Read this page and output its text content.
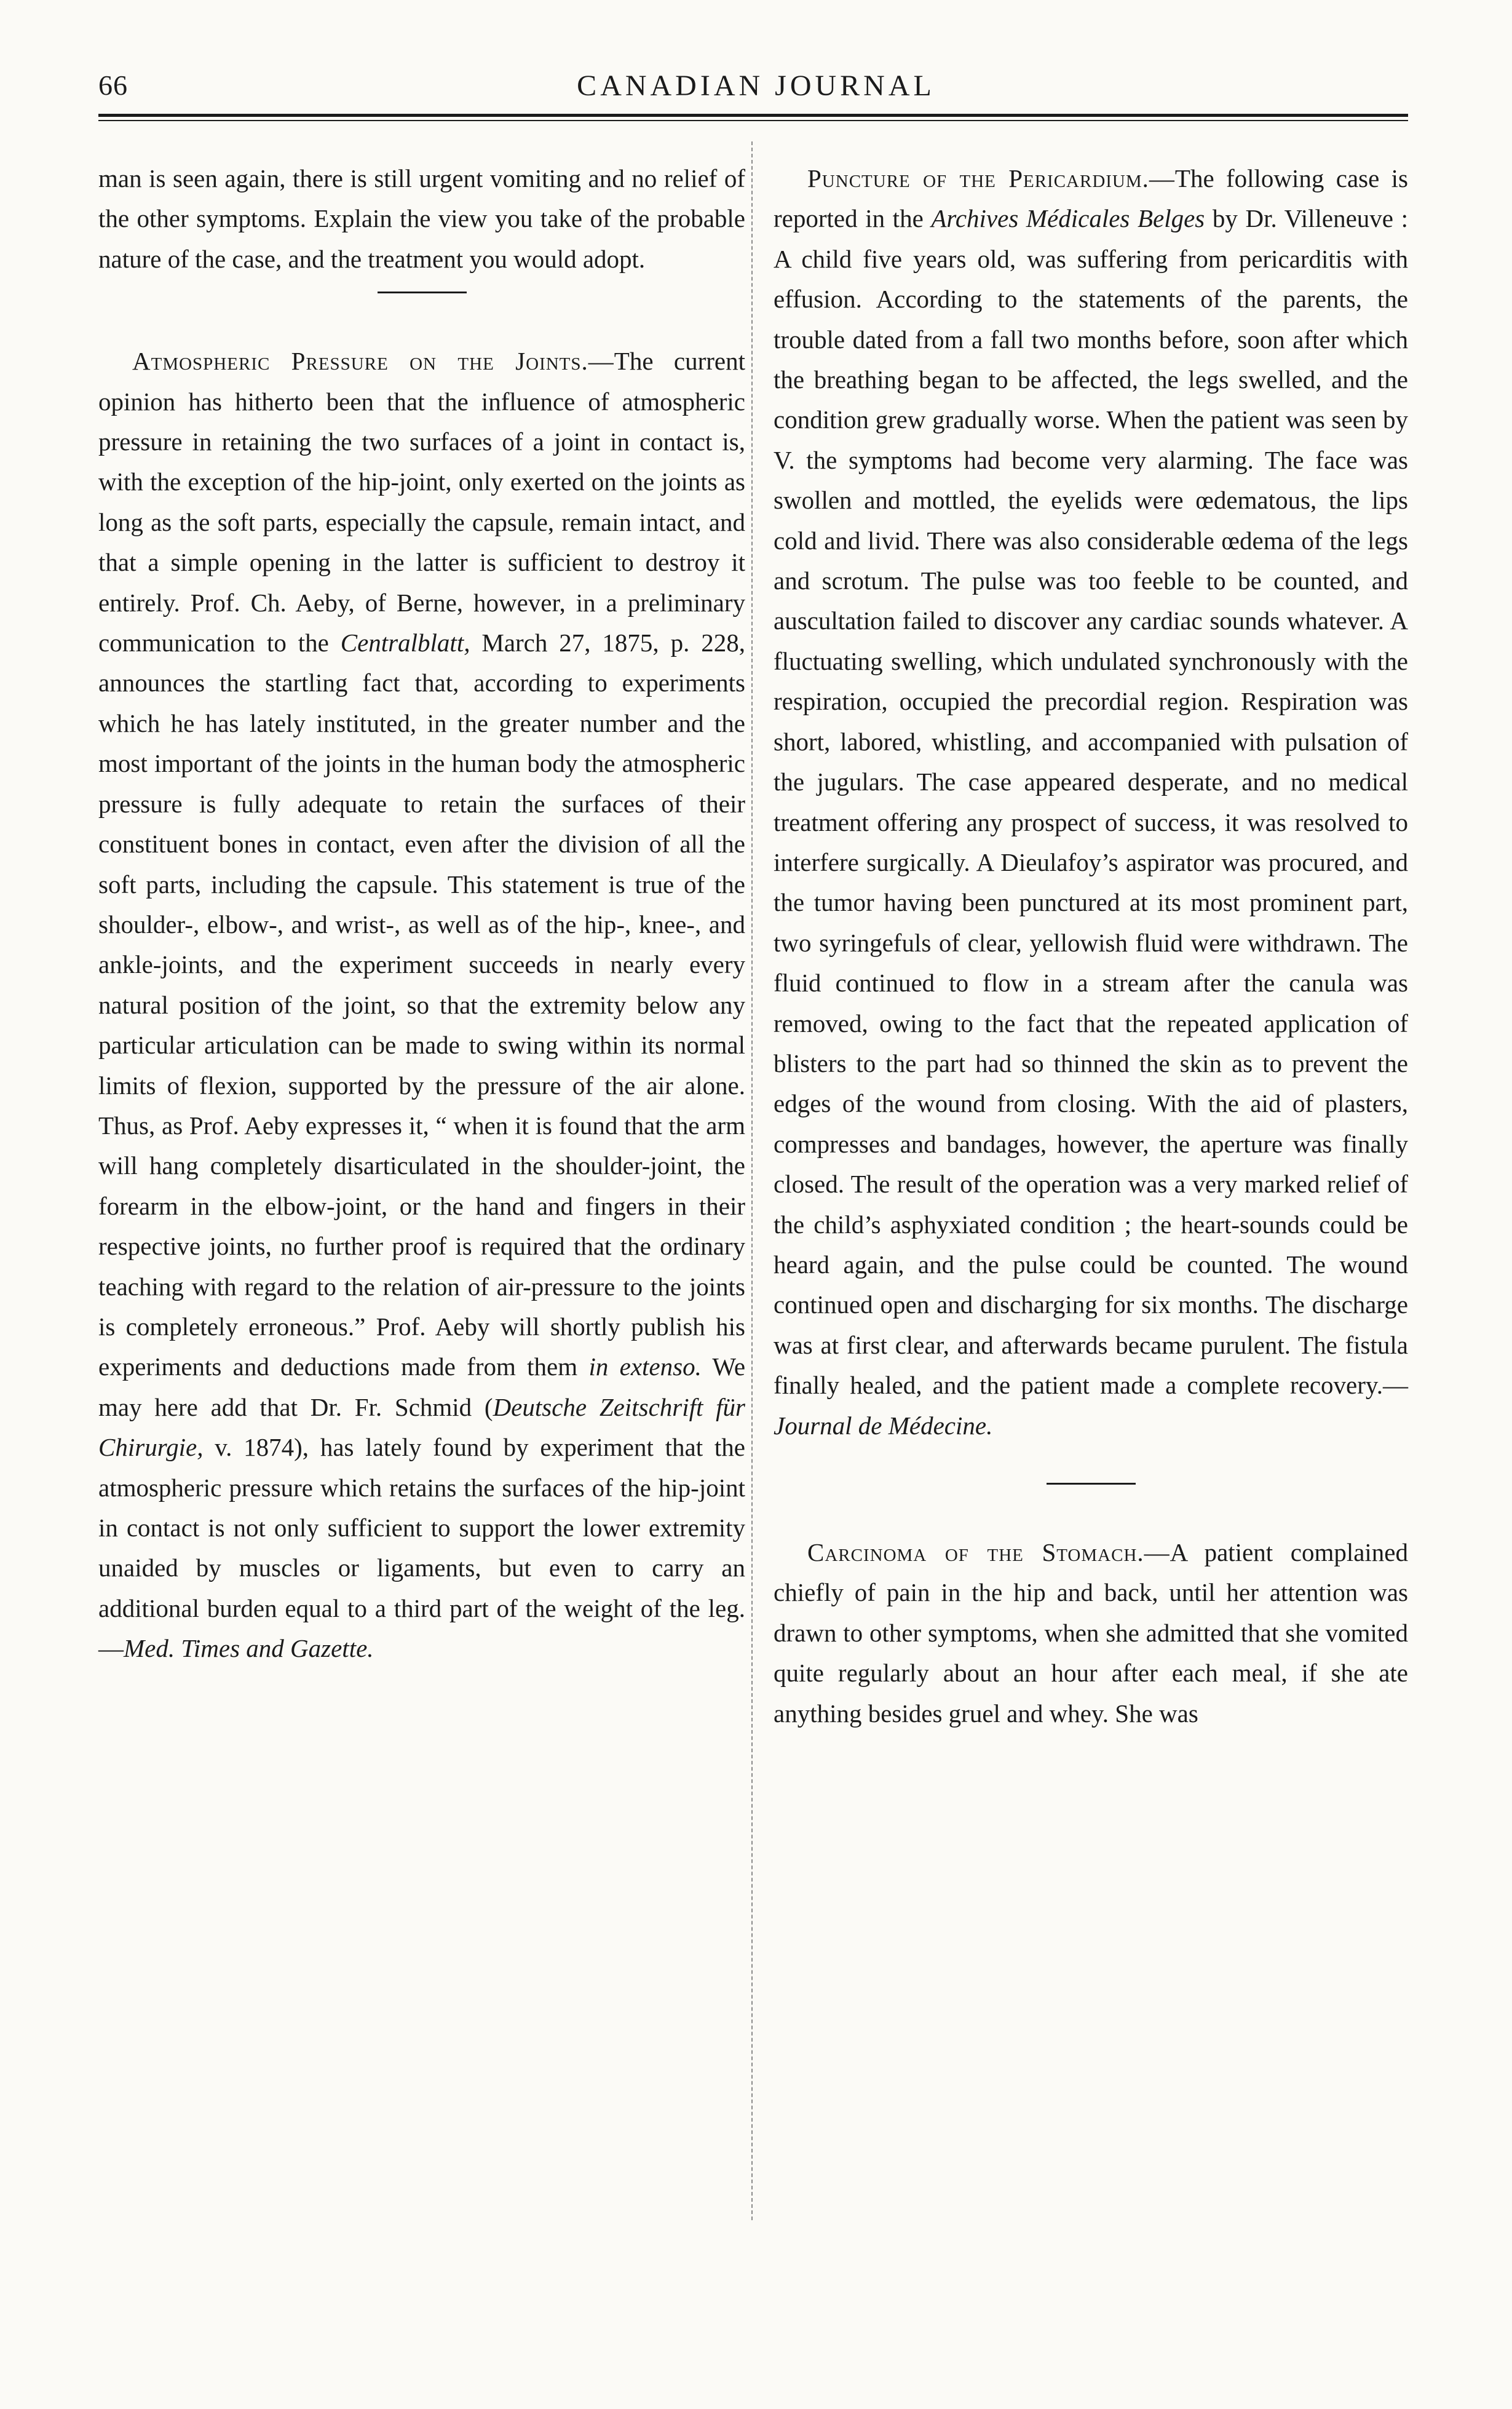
66	CANADIAN JOURNAL

man is seen again, there is still urgent vomiting and no relief of the other symptoms. Explain the view you take of the probable nature of the case, and the treatment you would adopt.

Atmospheric Pressure on the Joints.—The current opinion has hitherto been that the influence of atmospheric pressure in retaining the two surfaces of a joint in contact is, with the exception of the hip-joint, only exerted on the joints as long as the soft parts, especially the capsule, remain intact, and that a simple opening in the latter is sufficient to destroy it entirely. Prof. Ch. Aeby, of Berne, however, in a preliminary communication to the Centralblatt, March 27, 1875, p. 228, announces the startling fact that, according to experiments which he has lately instituted, in the greater number and the most important of the joints in the human body the atmospheric pressure is fully adequate to retain the surfaces of their constituent bones in contact, even after the division of all the soft parts, including the capsule. This statement is true of the shoulder-, elbow-, and wrist-, as well as of the hip-, knee-, and ankle-joints, and the experiment succeeds in nearly every natural position of the joint, so that the extremity below any particular articulation can be made to swing within its normal limits of flexion, supported by the pressure of the air alone. Thus, as Prof. Aeby expresses it, “ when it is found that the arm will hang completely disarticulated in the shoulder-joint, the forearm in the elbow-joint, or the hand and fingers in their respective joints, no further proof is required that the ordinary teaching with regard to the relation of air-pressure to the joints is completely erroneous.” Prof. Aeby will shortly publish his experiments and deductions made from them in extenso. We may here add that Dr. Fr. Schmid (Deutsche Zeitschrift für Chirurgie, v. 1874), has lately found by experiment that the atmospheric pressure which retains the surfaces of the hip-joint in contact is not only sufficient to support the lower extremity unaided by muscles or ligaments, but even to carry an additional burden equal to a third part of the weight of the leg.—Med. Times and Gazette.

Puncture of the Pericardium.—The following case is reported in the Archives Médicales Belges by Dr. Villeneuve : A child five years old, was suffering from pericarditis with effusion. According to the statements of the parents, the trouble dated from a fall two months before, soon after which the breathing began to be affected, the legs swelled, and the condition grew gradually worse. When the patient was seen by V. the symptoms had become very alarming. The face was swollen and mottled, the eyelids were œdematous, the lips cold and livid. There was also considerable œdema of the legs and scrotum. The pulse was too feeble to be counted, and auscultation failed to discover any cardiac sounds whatever. A fluctuating swelling, which undulated synchronously with the respiration, occupied the precordial region. Respiration was short, labored, whistling, and accompanied with pulsation of the jugulars. The case appeared desperate, and no medical treatment offering any prospect of success, it was resolved to interfere surgically. A Dieulafoy’s aspirator was procured, and the tumor having been punctured at its most prominent part, two syringefuls of clear, yellowish fluid were withdrawn. The fluid continued to flow in a stream after the canula was removed, owing to the fact that the repeated application of blisters to the part had so thinned the skin as to prevent the edges of the wound from closing. With the aid of plasters, compresses and bandages, however, the aperture was finally closed. The result of the operation was a very marked relief of the child’s asphyxiated condition ; the heart-sounds could be heard again, and the pulse could be counted. The wound continued open and discharging for six months. The discharge was at first clear, and afterwards became purulent. The fistula finally healed, and the patient made a complete recovery.—Journal de Médecine.

Carcinoma of the Stomach.—A patient complained chiefly of pain in the hip and back, until her attention was drawn to other symptoms, when she admitted that she vomited quite regularly about an hour after each meal, if she ate anything besides gruel and whey. She was
